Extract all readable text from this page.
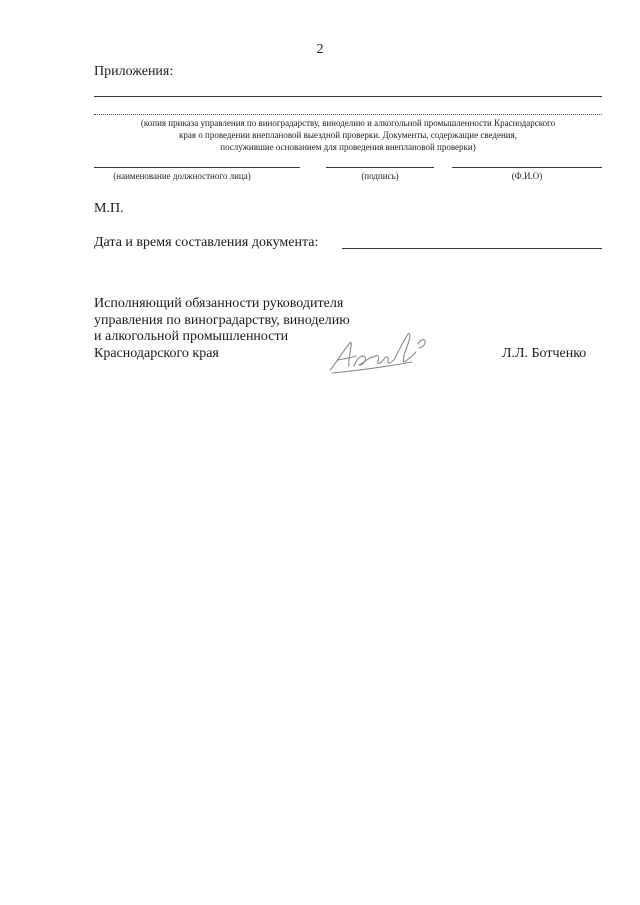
2
Приложения:
(копия приказа управления по виноградарству, виноделию и алкогольной промышленности Краснодарского
края о проведении внеплановой выездной проверки. Документы, содержащие сведения,
послужившие основанием для проведения внеплановой проверки)
(наименование должностного лица)	(подпись)	(Ф.И.О)
М.П.
Дата и время составления документа:
Исполняющий обязанности руководителя
управления по виноградарству, виноделию
и алкогольной промышленности
Краснодарского края	Л.Л. Ботченко
